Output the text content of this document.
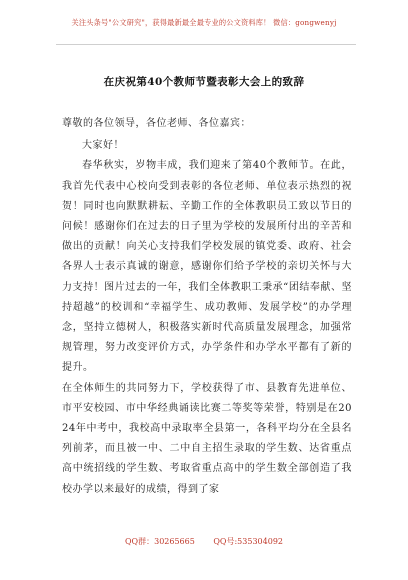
关注头条号"公文研究"，获得最新最全最专业的公文资料库！ 微信：gongwenyj
在庆祝第40个教师节暨表彰大会上的致辞

尊敬的各位领导，各位老师、各位嘉宾：

大家好！

春华秋实，岁物丰成，我们迎来了第40个教师节。在此，我首先代表中心校向受到表彰的各位老师、单位表示热烈的祝贺！同时也向默默耕耘、辛勤工作的全体教职员工致以节日的问候！感谢你们在过去的日子里为学校的发展所付出的辛苦和做出的贡献！向关心支持我们学校发展的镇党委、政府、社会各界人士表示真诚的谢意，感谢你们给予学校的亲切关怀与大力支持！图片过去的一年，我们全体教职工秉承“团结奉献、坚持超越”的校训和“幸福学生、成功教师、发展学校”的办学理念，坚持立德树人，积极落实新时代高质量发展理念，加强常规管理，努力改变评价方式，办学条件和办学水平都有了新的提升。

在全体师生的共同努力下，学校获得了市、县教育先进单位、市平安校园、市中华经典诵读比赛二等奖等荣誉，特别是在2024年中考中，我校高中录取率全县第一，各科平均分在全县名列前茅，而且被一中、二中自主招生录取的学生数、达省重点高中统招线的学生数、考取省重点高中的学生数全部创造了我校办学以来最好的成绩，得到了家

QQ群：30265665 QQ号:535304092
